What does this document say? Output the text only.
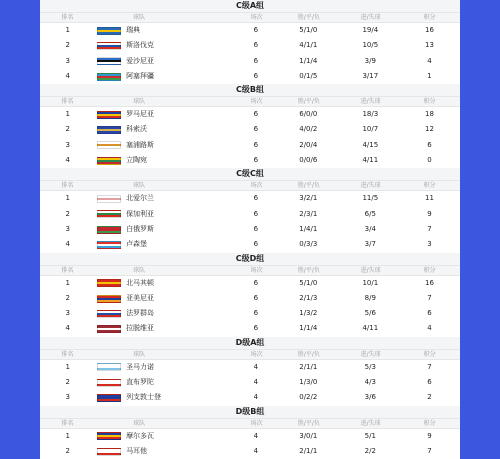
C级A组
排名	球队	场次	胜/平/负	进/失球	积分
1	瑞典	6	5/1/0	19/4	16
2	斯洛伐克	6	4/1/1	10/5	13
3	爱沙尼亚	6	1/1/4	3/9	4
4	阿塞拜疆	6	0/1/5	3/17	1
C级B组
排名	球队	场次	胜/平/负	进/失球	积分
1	罗马尼亚	6	6/0/0	18/3	18
2	科索沃	6	4/0/2	10/7	12
3	塞浦路斯	6	2/0/4	4/15	6
4	立陶宛	6	0/0/6	4/11	0
C级C组
排名	球队	场次	胜/平/负	进/失球	积分
1	北爱尔兰	6	3/2/1	11/5	11
2	保加利亚	6	2/3/1	6/5	9
3	白俄罗斯	6	1/4/1	3/4	7
4	卢森堡	6	0/3/3	3/7	3
C级D组
排名	球队	场次	胜/平/负	进/失球	积分
1	北马其顿	6	5/1/0	10/1	16
2	亚美尼亚	6	2/1/3	8/9	7
3	法罗群岛	6	1/3/2	5/6	6
4	拉脱维亚	6	1/1/4	4/11	4
D级A组
排名	球队	场次	胜/平/负	进/失球	积分
1	圣马力诺	4	2/1/1	5/3	7
2	直布罗陀	4	1/3/0	4/3	6
3	列支敦士登	4	0/2/2	3/6	2
D级B组
排名	球队	场次	胜/平/负	进/失球	积分
1	摩尔多瓦	4	3/0/1	5/1	9
2	马耳他	4	2/1/1	2/2	7
